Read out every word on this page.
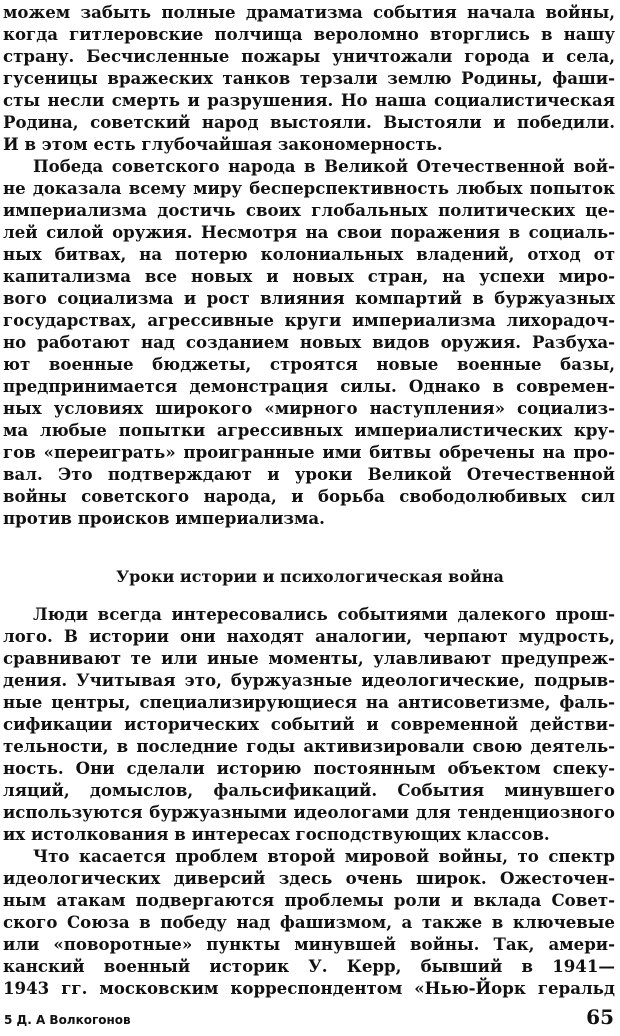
можем забыть полные драматизма события начала войны,
когда гитлеровские полчища вероломно вторглись в нашу
страну. Бесчисленные пожары уничтожали города и села,
гусеницы вражеских танков терзали землю Родины, фаши-
сты несли смерть и разрушения. Но наша социалистическая
Родина, советский народ выстояли. Выстояли и победили.
И в этом есть глубочайшая закономерность.
Победа советского народа в Великой Отечественной вой-
не доказала всему миру бесперспективность любых попыток
империализма достичь своих глобальных политических це-
лей силой оружия. Несмотря на свои поражения в социаль-
ных битвах, на потерю колониальных владений, отход от
капитализма все новых и новых стран, на успехи миро-
вого социализма и рост влияния компартий в буржуазных
государствах, агрессивные круги империализма лихорадоч-
но работают над созданием новых видов оружия. Разбуха-
ют военные бюджеты, строятся новые военные базы,
предпринимается демонстрация силы. Однако в современ-
ных условиях широкого «мирного наступления» социализ-
ма любые попытки агрессивных империалистических кру-
гов «переиграть» проигранные ими битвы обречены на про-
вал. Это подтверждают и уроки Великой Отечественной
войны советского народа, и борьба свободолюбивых сил
против происков империализма.
Уроки истории и психологическая война
Люди всегда интересовались событиями далекого прош-
лого. В истории они находят аналогии, черпают мудрость,
сравнивают те или иные моменты, улавливают предупреж-
дения. Учитывая это, буржуазные идеологические, подрыв-
ные центры, специализирующиеся на антисоветизме, фаль-
сификации исторических событий и современной действи-
тельности, в последние годы активизировали свою деятель-
ность. Они сделали историю постоянным объектом спеку-
ляций, домыслов, фальсификаций. События минувшего
используются буржуазными идеологами для тенденциозного
их истолкования в интересах господствующих классов.
Что касается проблем второй мировой войны, то спектр
идеологических диверсий здесь очень широк. Ожесточен-
ным атакам подвергаются проблемы роли и вклада Совет-
ского Союза в победу над фашизмом, а также в ключевые
или «поворотные» пункты минувшей войны. Так, амери-
канский военный историк У. Керр, бывший в 1941—
1943 гг. московским корреспондентом «Нью-Йорк геральд
5 Д. А Волкогонов	65
